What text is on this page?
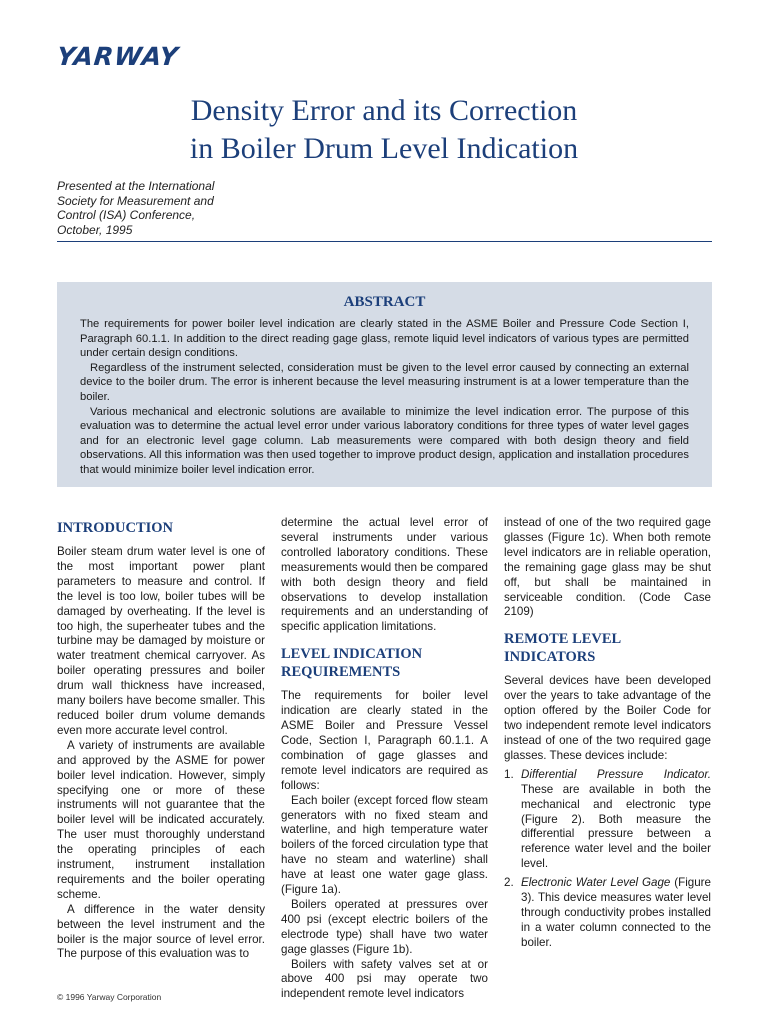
YARWAY
Density Error and its Correction
in Boiler Drum Level Indication
Presented at the International
Society for Measurement and
Control (ISA) Conference,
October, 1995
ABSTRACT

The requirements for power boiler level indication are clearly stated in the ASME Boiler and Pressure Code Section I, Paragraph 60.1.1. In addition to the direct reading gage glass, remote liquid level indicators of various types are permitted under certain design conditions.

Regardless of the instrument selected, consideration must be given to the level error caused by connecting an external device to the boiler drum. The error is inherent because the level measuring instrument is at a lower temperature than the boiler.

Various mechanical and electronic solutions are available to minimize the level indication error. The purpose of this evaluation was to determine the actual level error under various laboratory conditions for three types of water level gages and for an electronic level gage column. Lab measurements were compared with both design theory and field observations. All this information was then used together to improve product design, application and installation procedures that would minimize boiler level indication error.

INTRODUCTION

Boiler steam drum water level is one of the most important power plant parameters to measure and control. If the level is too low, boiler tubes will be damaged by overheating. If the level is too high, the superheater tubes and the turbine may be damaged by moisture or water treatment chemical carryover. As boiler operating pressures and boiler drum wall thickness have increased, many boilers have become smaller. This reduced boiler drum volume demands even more accurate level control.

A variety of instruments are available and approved by the ASME for power boiler level indication. However, simply specifying one or more of these instruments will not guarantee that the boiler level will be indicated accurately. The user must thoroughly understand the operating principles of each instrument, instrument installation requirements and the boiler operating scheme.

A difference in the water density between the level instrument and the boiler is the major source of level error. The purpose of this evaluation was to

determine the actual level error of several instruments under various controlled laboratory conditions. These measurements would then be compared with both design theory and field observations to develop installation requirements and an understanding of specific application limitations.

LEVEL INDICATION
REQUIREMENTS

The requirements for boiler level indication are clearly stated in the ASME Boiler and Pressure Vessel Code, Section I, Paragraph 60.1.1. A combination of gage glasses and remote level indicators are required as follows:

Each boiler (except forced flow steam generators with no fixed steam and waterline, and high temperature water boilers of the forced circulation type that have no steam and waterline) shall have at least one water gage glass. (Figure 1a).

Boilers operated at pressures over 400 psi (except electric boilers of the electrode type) shall have two water gage glasses (Figure 1b).

Boilers with safety valves set at or above 400 psi may operate two independent remote level indicators

instead of one of the two required gage glasses (Figure 1c). When both remote level indicators are in reliable operation, the remaining gage glass may be shut off, but shall be maintained in serviceable condition. (Code Case 2109)

REMOTE LEVEL
INDICATORS

Several devices have been developed over the years to take advantage of the option offered by the Boiler Code for two independent remote level indicators instead of one of the two required gage glasses. These devices include:

1. Differential Pressure Indicator. These are available in both the mechanical and electronic type (Figure 2). Both measure the differential pressure between a reference water level and the boiler level.
2. Electronic Water Level Gage (Figure 3). This device measures water level through conductivity probes installed in a water column connected to the boiler.
© 1996 Yarway Corporation
